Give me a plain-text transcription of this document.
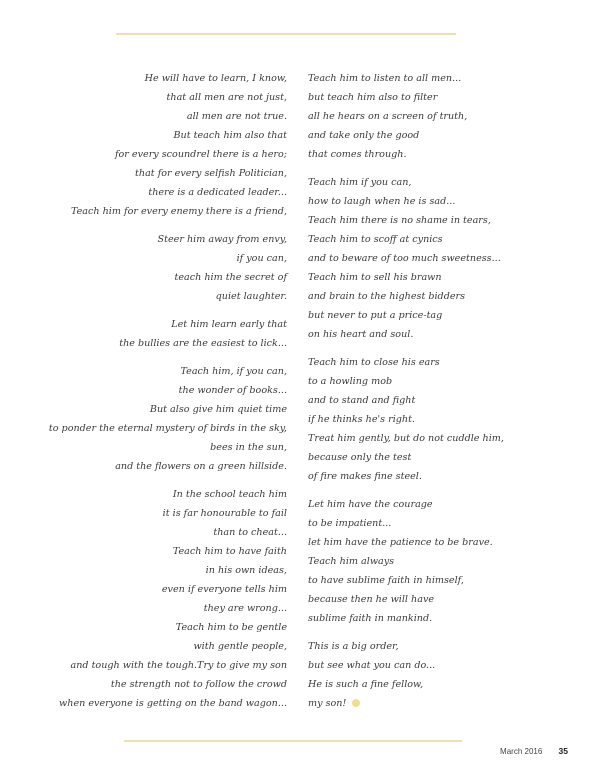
He will have to learn, I know,
that all men are not just,
all men are not true.
But teach him also that
for every scoundrel there is a hero;
that for every selfish Politician,
there is a dedicated leader...
Teach him for every enemy there is a friend,
Steer him away from envy,
if you can,
teach him the secret of
quiet laughter.
Let him learn early that
the bullies are the easiest to lick...
Teach him, if you can,
the wonder of books...
But also give him quiet time
to ponder the eternal mystery of birds in the sky,
bees in the sun,
and the flowers on a green hillside.
In the school teach him
it is far honourable to fail
than to cheat...
Teach him to have faith
in his own ideas,
even if everyone tells him
they are wrong...
Teach him to be gentle
with gentle people,
and tough with the tough.Try to give my son
the strength not to follow the crowd
when everyone is getting on the band wagon...
Teach him to listen to all men...
but teach him also to filter
all he hears on a screen of truth,
and take only the good
that comes through.
Teach him if you can,
how to laugh when he is sad...
Teach him there is no shame in tears,
Teach him to scoff at cynics
and to beware of too much sweetness...
Teach him to sell his brawn
and brain to the highest bidders
but never to put a price-tag
on his heart and soul.
Teach him to close his ears
to a howling mob
and to stand and fight
if he thinks he's right.
Treat him gently, but do not cuddle him,
because only the test
of fire makes fine steel.
Let him have the courage
to be impatient...
let him have the patience to be brave.
Teach him always
to have sublime faith in himself,
because then he will have
sublime faith in mankind.
This is a big order,
but see what you can do...
He is such a fine fellow,
my son!
March 2016 35
